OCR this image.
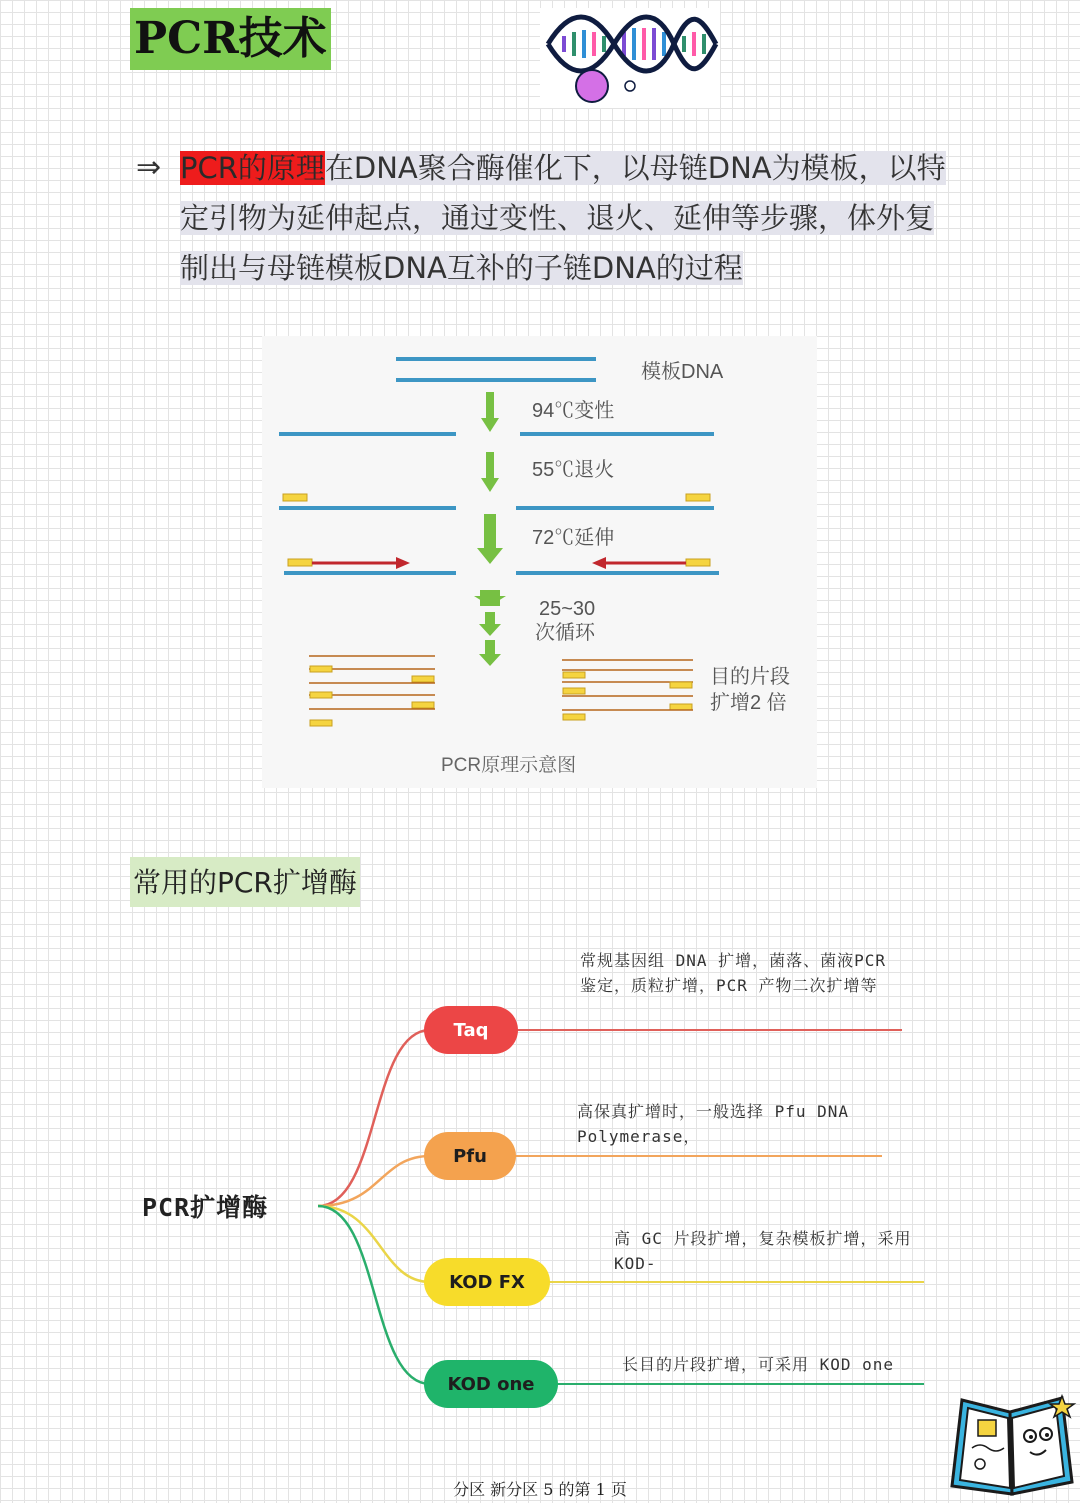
PCR技术
⇒ PCR的原理在DNA聚合酶催化下，以母链DNA为模板，以特定引物为延伸起点，通过变性、退火、延伸等步骤，体外复制出与母链模板DNA互补的子链DNA的过程
模板DNA
94℃变性
55℃退火
72℃延伸
25~30
次循环
目的片段
扩增2 倍
PCR原理示意图
常用的PCR扩增酶
PCR扩增酶
Taq
Pfu
KOD FX
KOD one
常规基因组 DNA 扩增，菌落、菌液PCR 鉴定，质粒扩增，PCR 产物二次扩增等
高保真扩增时，一般选择 Pfu DNA Polymerase，
高 GC 片段扩增，复杂模板扩增，采用 KOD-
长目的片段扩增，可采用 KOD one
分区 新分区 5 的第 1 页
